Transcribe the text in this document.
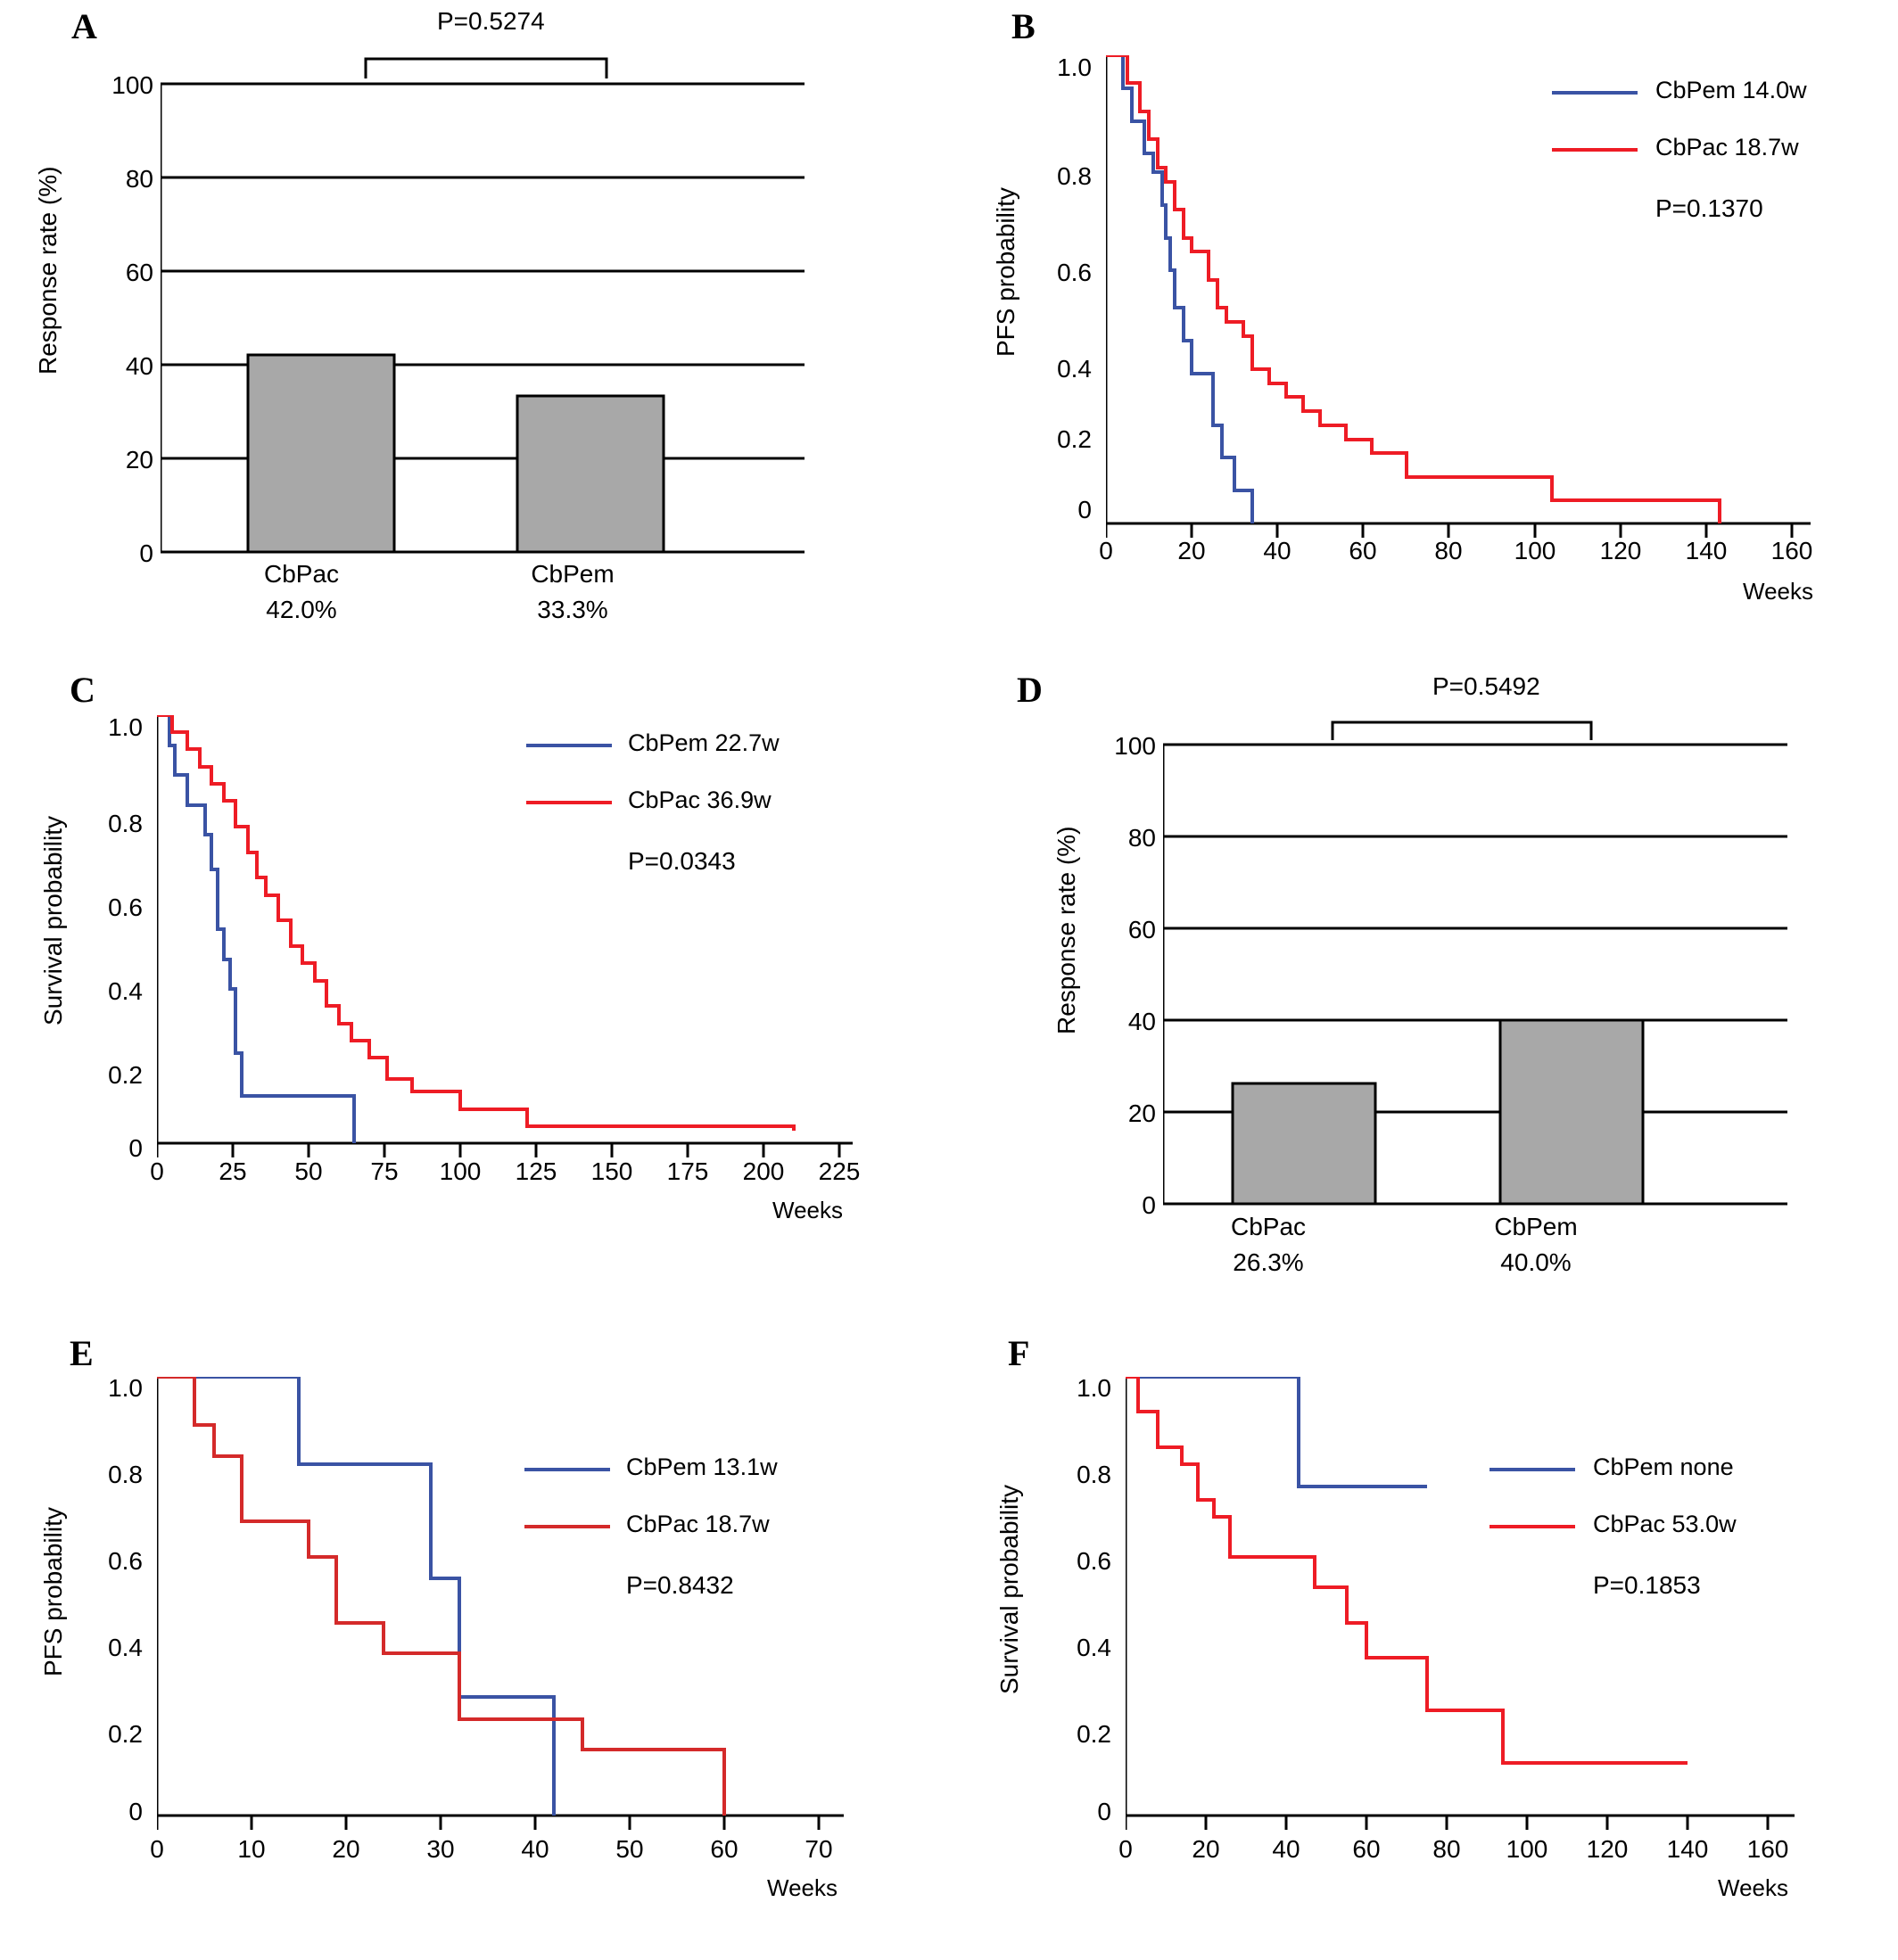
A	P=0.5274
Response rate (%)
0
20
40
60
80
100
CbPac
42.0%
CbPem
33.3%
B
PFS probability
0
0.2
0.4
0.6
0.8
1.0
0	20	40	60	80	100	120	140	160
Weeks
CbPem 14.0w
CbPac 18.7w
P=0.1370
C
Survival probability
0
0.2
0.4
0.6
0.8
1.0
0	25	50	75	100	125	150	175	200	225
Weeks
CbPem 22.7w
CbPac 36.9w
P=0.0343
D	P=0.5492
Response rate (%)
0
20
40
60
80
100
CbPac
26.3%
CbPem
40.0%
E
PFS probability
0
0.2
0.4
0.6
0.8
1.0
0	10	20	30	40	50	60	70
Weeks
CbPem 13.1w
CbPac 18.7w
P=0.8432
F
Survival probability
0
0.2
0.4
0.6
0.8
1.0
0	20	40	60	80	100	120	140	160
Weeks
CbPem none
CbPac 53.0w
P=0.1853
